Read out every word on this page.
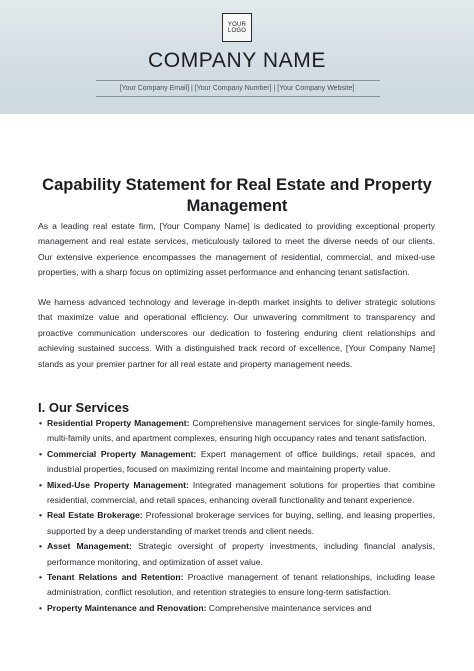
YOUR
LOGO
COMPANY NAME
[Your Company Email] | [Your Company Number] | [Your Company Website]
Capability Statement for Real Estate and Property Management

As a leading real estate firm, [Your Company Name] is dedicated to providing exceptional property management and real estate services, meticulously tailored to meet the diverse needs of our clients. Our extensive experience encompasses the management of residential, commercial, and mixed-use properties, with a sharp focus on optimizing asset performance and enhancing tenant satisfaction.

We harness advanced technology and leverage in-depth market insights to deliver strategic solutions that maximize value and operational efficiency. Our unwavering commitment to transparency and proactive communication underscores our dedication to fostering enduring client relationships and achieving sustained success. With a distinguished track record of excellence, [Your Company Name] stands as your premier partner for all real estate and property management needs.

I. Our Services
• Residential Property Management: Comprehensive management services for single-family homes, multi-family units, and apartment complexes, ensuring high occupancy rates and tenant satisfaction.
• Commercial Property Management: Expert management of office buildings, retail spaces, and industrial properties, focused on maximizing rental income and maintaining property value.
• Mixed-Use Property Management: Integrated management solutions for properties that combine residential, commercial, and retail spaces, enhancing overall functionality and tenant experience.
• Real Estate Brokerage: Professional brokerage services for buying, selling, and leasing properties, supported by a deep understanding of market trends and client needs.
• Asset Management: Strategic oversight of property investments, including financial analysis, performance monitoring, and optimization of asset value.
• Tenant Relations and Retention: Proactive management of tenant relationships, including lease administration, conflict resolution, and retention strategies to ensure long-term satisfaction.
• Property Maintenance and Renovation: Comprehensive maintenance services and
